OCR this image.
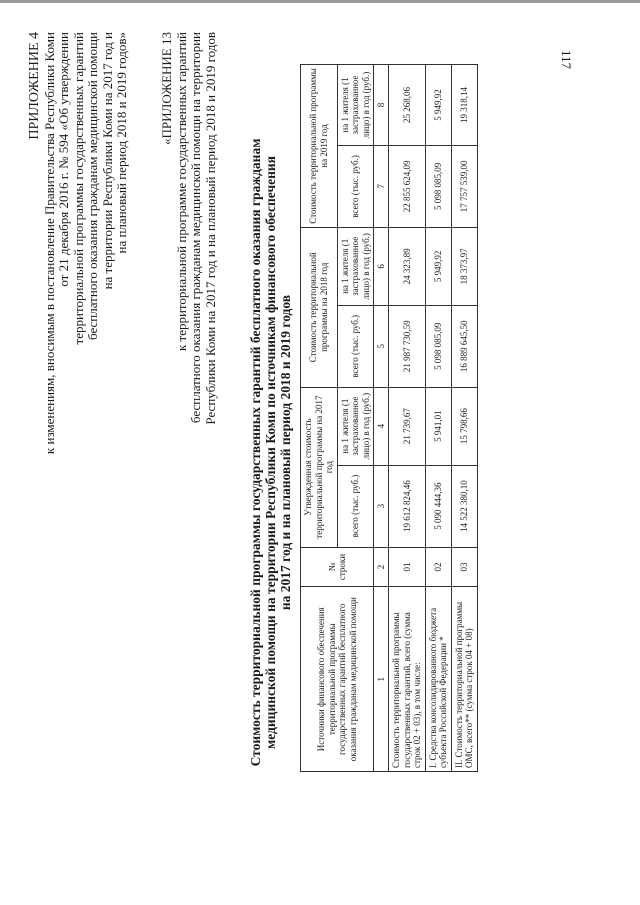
117
ПРИЛОЖЕНИЕ 4 к изменениям, вносимым в постановление Правительства Республики Коми от 21 декабря 2016 г. № 594 «Об утверждении территориальной программы государственных гарантий бесплатного оказания гражданам медицинской помощи на территории Республики Коми на 2017 год и на плановый период 2018 и 2019 годов» «ПРИЛОЖЕНИЕ 13 к территориальной программе государственных гарантий бесплатного оказания гражданам медицинской помощи на территории Республики Коми на 2017 год и на плановый период 2018 и 2019 годов Стоимость территориальной программы государственных гарантий бесплатного оказания гражданам медицинской помощи на территории Республики Коми по источникам финансового обеспечения на 2017 год и на плановый период 2018 и 2019 годов
Источники финансового обеспечения территориальной программы государственных гарантий бесплатного оказания гражданам медицинской помощи	№ строки	Утвержденная стоимость территориальной программы на 2017 год		Стоимость территориальной программы на 2018 год		Стоимость территориальной программы на 2019 год	
		всего (тыс. руб.)	на 1 жителя (1 застрахованное лицо) в год (руб.)	всего (тыс. руб.)	на 1 жителя (1 застрахованное лицо) в год (руб.)	всего (тыс. руб.)	на 1 жителя (1 застрахованное лицо) в год (руб.)
1	2	3	4	5	6	7	8
Стоимость территориальной программы государственных гарантий, всего (сумма строк 02 + 03), в том числе:	01	19 612 824,46	21 739,67	21 987 730,59	24 323,89	22 855 624,09	25 268,06
I. Средства консолидированного бюджета субъекта Российской Федерации *	02	5 090 444,36	5 941,01	5 098 085,09	5 949,92	5 098 085,09	5 949,92
II. Стоимость территориальной программы ОМС, всего** (сумма строк 04 + 08)	03	14 522 380,10	15 798,66	16 889 645,50	18 373,97	17 757 539,00	19 318,14
